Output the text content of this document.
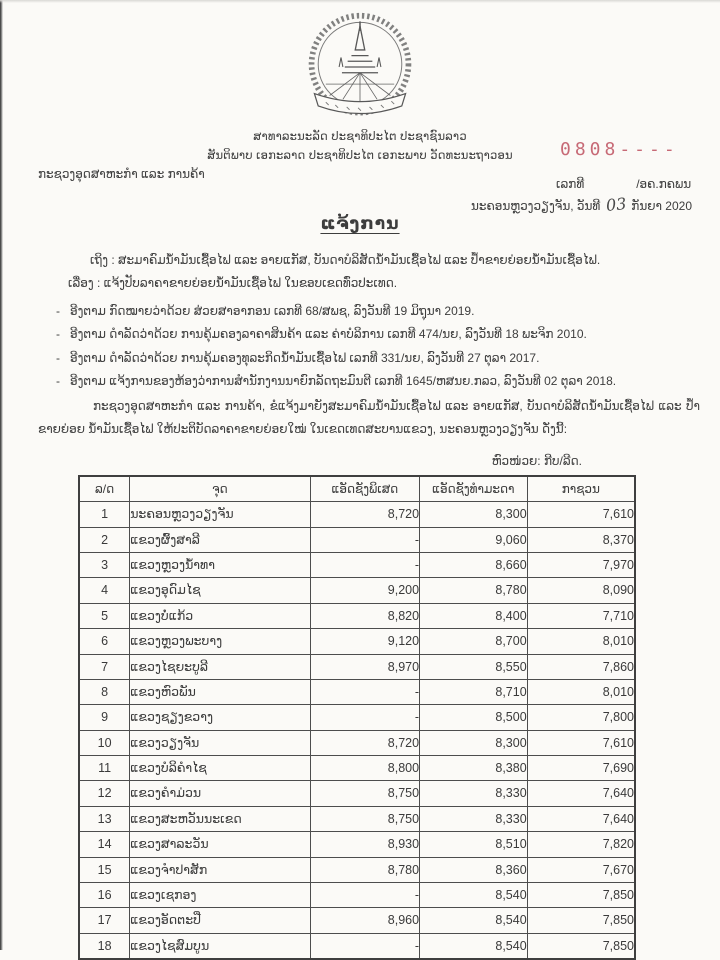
ສາທາລະນະລັດ ປະຊາທິປະໄຕ ປະຊາຊົນລາວ
ສັນຕິພາບ ເອກະລາດ ປະຊາທິປະໄຕ ເອກະພາບ ວັດທະນະຖາວອນ
ກະຊວງອຸດສາຫະກຳ ແລະ ການຄ້າ
0808----
ເລກທີ	/ອຄ.ກຄພນ
ນະຄອນຫຼວງວຽງຈັນ, ວັນທີ 03 ກັນຍາ 2020
ແຈ້ງການ
ເຖິງ : ສະມາຄົມນ້ຳມັນເຊື້ອໄຟ ແລະ ອາຍແກັສ, ບັນດາບໍລິສັດນ້ຳມັນເຊື້ອໄຟ ແລະ ປ້ຳຂາຍຍ່ອຍນ້ຳມັນເຊື້ອໄຟ.
ເລື່ອງ : ແຈ້ງປັບລາຄາຂາຍຍ່ອຍນ້ຳມັນເຊື້ອໄຟ ໃນຂອບເຂດທົ່ວປະເທດ.
- ອີງຕາມ ກົດໝາຍວ່າດ້ວຍ ສ່ວຍສາອາກອນ ເລກທີ 68/ສພຊ, ລົງວັນທີ 19 ມິຖຸນາ 2019.
- ອີງຕາມ ດຳລັດວ່າດ້ວຍ ການຄຸ້ມຄອງລາຄາສິນຄ້າ ແລະ ຄ່າບໍລິການ ເລກທີ 474/ນຍ, ລົງວັນທີ 18 ພະຈິກ 2010.
- ອີງຕາມ ດຳລັດວ່າດ້ວຍ ການຄຸ້ມຄອງທຸລະກິດນ້ຳມັນເຊື້ອໄຟ ເລກທີ 331/ນຍ, ລົງວັນທີ 27 ຕຸລາ 2017.
- ອີງຕາມ ແຈ້ງການຂອງຫ້ອງວ່າການສຳນັກງານນາຍົກລັດຖະມົນຕີ ເລກທີ 1645/ຫສນຍ.ກລວ, ລົງວັນທີ 02 ຕຸລາ 2018.
ກະຊວງອຸດສາຫະກຳ ແລະ ການຄ້າ, ຂໍແຈ້ງມາຍັງສະມາຄົມນ້ຳມັນເຊື້ອໄຟ ແລະ ອາຍແກັສ, ບັນດາບໍລິສັດນ້ຳມັນເຊື້ອໄຟ ແລະ ປ້ຳຂາຍຍ່ອຍ ນ້ຳມັນເຊື້ອໄຟ ໃຫ້ປະຕິບັດລາຄາຂາຍຍ່ອຍໃໝ່ ໃນເຂດເທດສະບານແຂວງ, ນະຄອນຫຼວງວຽງຈັນ ດັ່ງນີ້:
ຫົວໜ່ວຍ: ກີບ/ລີດ.
ລ/ດ	ຈຸດ	ແອັດຊັງພິເສດ	ແອັດຊັງທຳມະດາ	ກາຊວນ
1	ນະຄອນຫຼວງວຽງຈັນ	8,720	8,300	7,610
2	ແຂວງຜົ້ງສາລີ	-	9,060	8,370
3	ແຂວງຫຼວງນ້ຳທາ	-	8,660	7,970
4	ແຂວງອຸດົມໄຊ	9,200	8,780	8,090
5	ແຂວງບໍ່ແກ້ວ	8,820	8,400	7,710
6	ແຂວງຫຼວງພະບາງ	9,120	8,700	8,010
7	ແຂວງໄຊຍະບູລີ	8,970	8,550	7,860
8	ແຂວງຫົວພັນ	-	8,710	8,010
9	ແຂວງຊຽງຂວາງ	-	8,500	7,800
10	ແຂວງວຽງຈັນ	8,720	8,300	7,610
11	ແຂວງບໍລິຄຳໄຊ	8,800	8,380	7,690
12	ແຂວງຄຳມ່ວນ	8,750	8,330	7,640
13	ແຂວງສະຫວັນນະເຂດ	8,750	8,330	7,640
14	ແຂວງສາລະວັນ	8,930	8,510	7,820
15	ແຂວງຈຳປາສັກ	8,780	8,360	7,670
16	ແຂວງເຊກອງ	-	8,540	7,850
17	ແຂວງອັດຕະປື	8,960	8,540	7,850
18	ແຂວງໄຊສົມບູນ	-	8,540	7,850
